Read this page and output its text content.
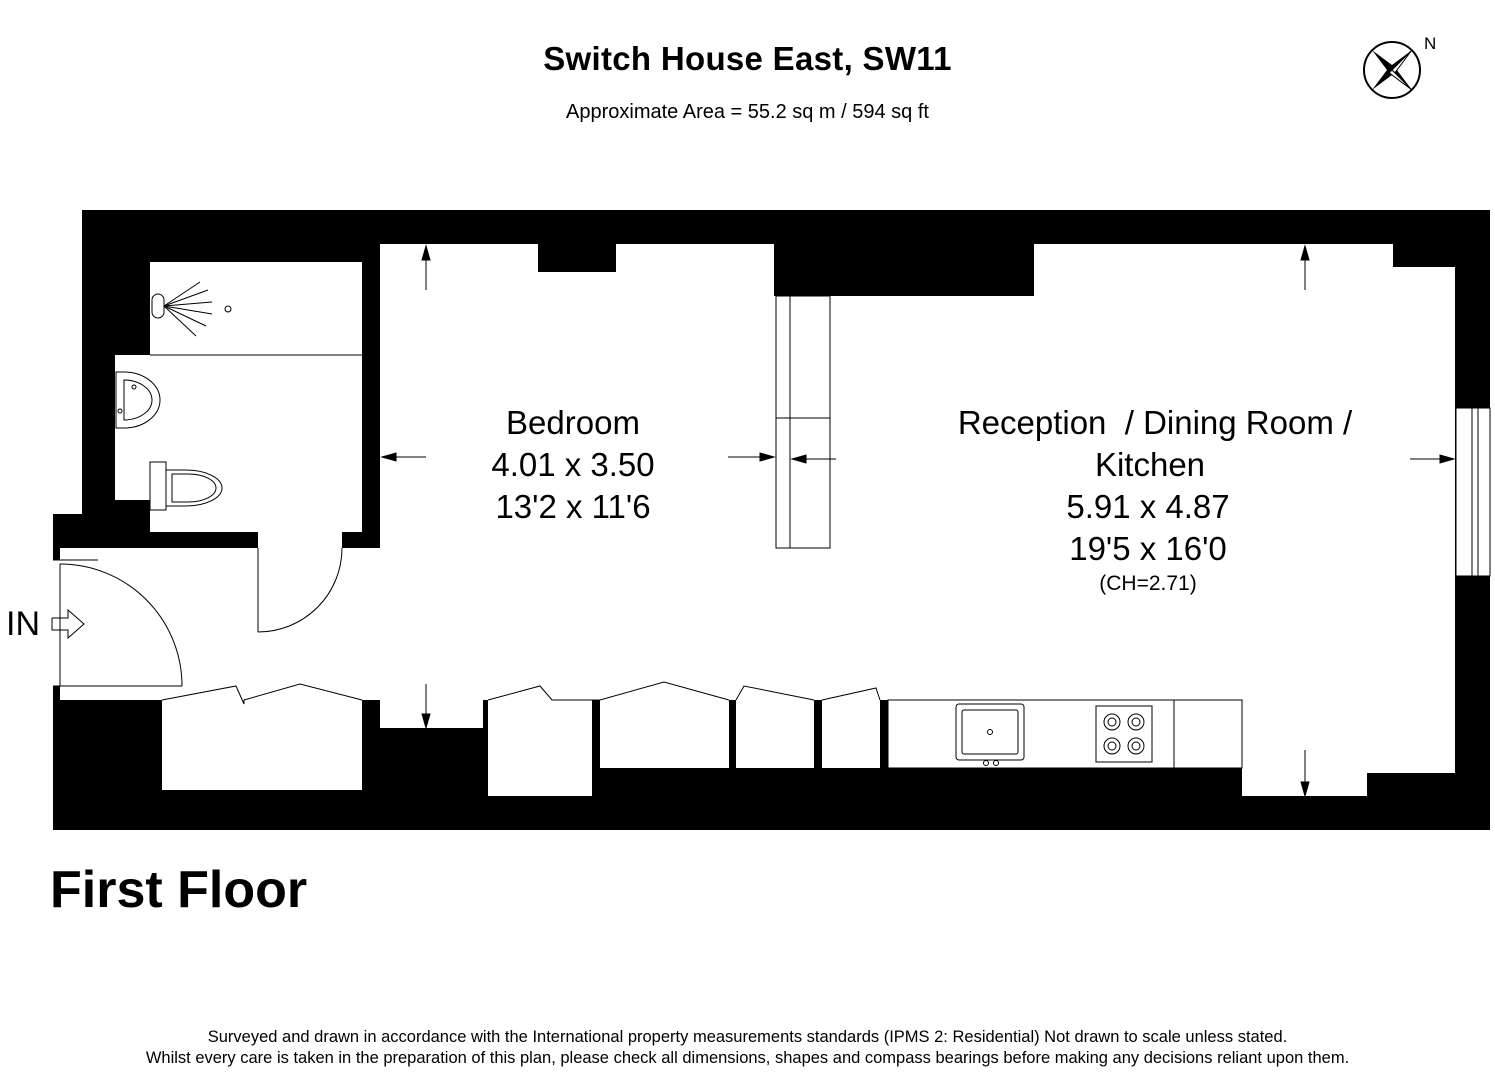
Switch House East, SW11
Approximate Area = 55.2 sq m / 594 sq ft
N
Bedroom
4.01 x 3.50
13'2 x 11'6
Reception  / Dining Room /
Kitchen
5.91 x 4.87
19'5 x 16'0
(CH=2.71)
IN
First Floor
Surveyed and drawn in accordance with the International property measurements standards (IPMS 2: Residential) Not drawn to scale unless stated.
Whilst every care is taken in the preparation of this plan, please check all dimensions, shapes and compass bearings before making any decisions reliant upon them.
